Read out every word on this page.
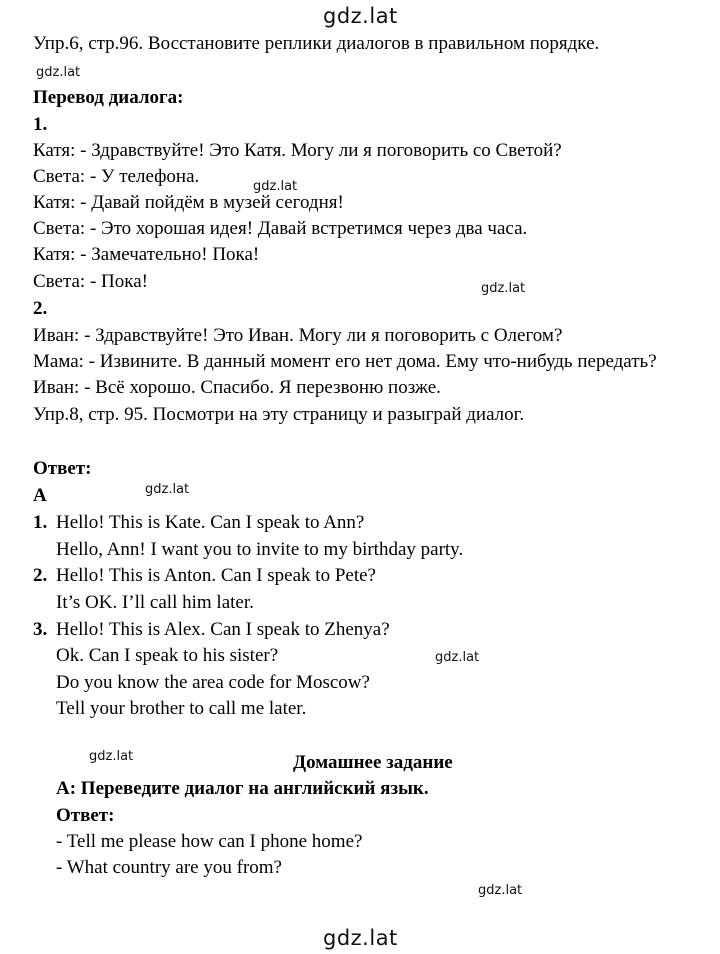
gdz.lat
gdz.lat
gdz.lat
gdz.lat
gdz.lat
gdz.lat
gdz.lat
gdz.lat
gdz.lat
Упр.6, стр.96. Восстановите реплики диалогов в правильном порядке.
Перевод диалога:
1.
Катя: - Здравствуйте! Это Катя. Могу ли я поговорить со Светой?
Света: - У телефона.
Катя: - Давай пойдём в музей сегодня!
Света: - Это хорошая идея! Давай встретимся через два часа.
Катя: - Замечательно! Пока!
Света: - Пока!
2.
Иван: - Здравствуйте! Это Иван. Могу ли я поговорить с Олегом?
Мама: - Извините. В данный момент его нет дома. Ему что-нибудь передать?
Иван: - Всё хорошо. Спасибо. Я перезвоню позже.
Упр.8, стр. 95. Посмотри на эту страницу и разыграй диалог.
Ответ:
A
1. Hello! This is Kate. Can I speak to Ann?
Hello, Ann! I want you to invite to my birthday party.
2. Hello! This is Anton. Can I speak to Pete?
It’s OK. I’ll call him later.
3. Hello! This is Alex. Can I speak to Zhenya?
Ok. Can I speak to his sister?
Do you know the area code for Moscow?
Tell your brother to call me later.
Домашнее задание
A: Переведите диалог на английский язык.
Ответ:
- Tell me please how can I phone home?
- What country are you from?
